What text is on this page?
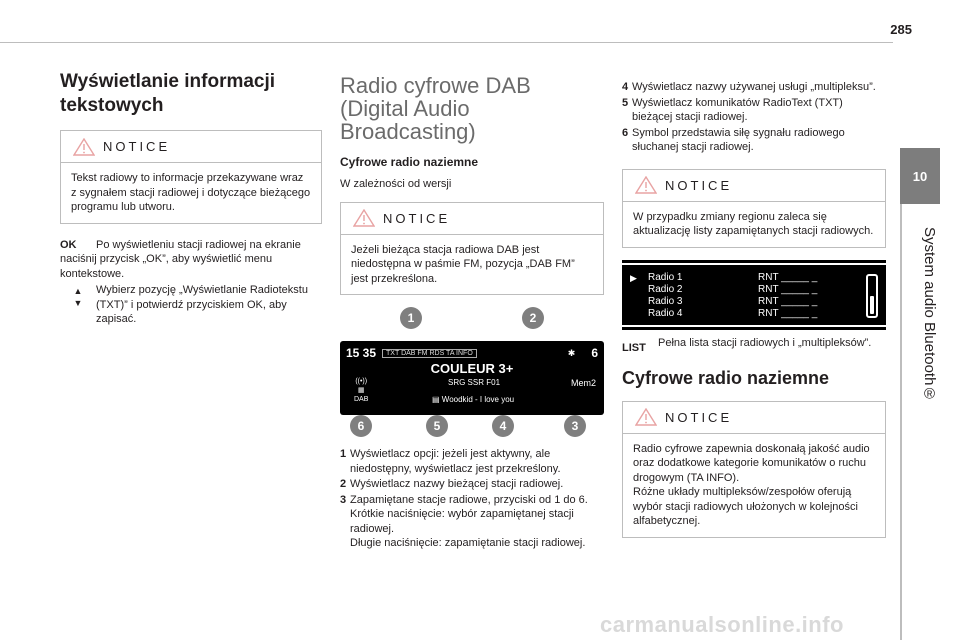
285
10
System audio Bluetooth®
Wyświetlanie informacji tekstowych
NOTICE

Tekst radiowy to informacje przekazywane wraz z sygnałem stacji radiowej i dotyczące bieżącego programu lub utworu.

OK Po wyświetleniu stacji radiowej na ekranie naciśnij przycisk „OK”, aby wyświetlić menu kontekstowe.

▲
▼

Wybierz pozycję „Wyświetlanie Radiotekstu (TXT)” i potwierdź przyciskiem OK, aby zapisać.

Radio cyfrowe DAB (Digital Audio Broadcasting)
Cyfrowe radio naziemne

W zależności od wersji

NOTICE

Jeżeli bieżąca stacja radiowa DAB jest niedostępna w paśmie FM, pozycja „DAB FM” jest przekreślona.

1	2
15 35	TXT DAB FM RDS TA INFO	✱ 6
COULEUR 3+
((•))
▦
DAB
SRG SSR F01	Mem2
▤ Woodkid - I love you
6	5	4	3
1 Wyświetlacz opcji: jeżeli jest aktywny, ale niedostępny, wyświetlacz jest przekreślony.
2 Wyświetlacz nazwy bieżącej stacji radiowej.
3 Zapamiętane stacje radiowe, przyciski od 1 do 6.
Krótkie naciśnięcie: wybór zapamiętanej stacji radiowej.
Długie naciśnięcie: zapamiętanie stacji radiowej.
4 Wyświetlacz nazwy używanej usługi „multipleksu”.
5 Wyświetlacz komunikatów RadioText (TXT) bieżącej stacji radiowej.
6 Symbol przedstawia siłę sygnału radiowego słuchanej stacji radiowej.
NOTICE

W przypadku zmiany regionu zaleca się aktualizację listy zapamiętanych stacji radiowych.

▶ Radio 1	RNT _____ _
Radio 2	RNT _____ _
Radio 3	RNT _____ _
Radio 4	RNT _____ _
LIST	Pełna lista stacji radiowych i „multipleksów”.

Cyfrowe radio naziemne
NOTICE

Radio cyfrowe zapewnia doskonałą jakość audio oraz dodatkowe kategorie komunikatów o ruchu drogowym (TA INFO).
Różne układy multipleksów/zespołów oferują wybór stacji radiowych ułożonych w kolejności alfabetycznej.

carmanualsonline.info
